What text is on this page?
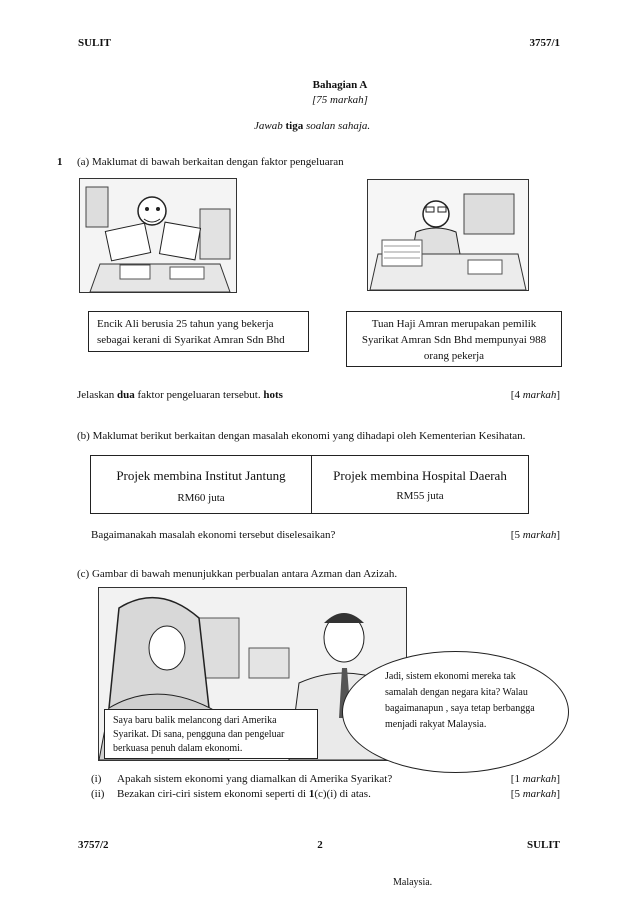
SULIT	3757/1
Bahagian A
[75 markah]
Jawab tiga soalan sahaja.
1 (a) Maklumat di bawah berkaitan dengan faktor pengeluaran
Encik Ali berusia 25 tahun yang bekerja sebagai kerani di Syarikat Amran Sdn Bhd
Tuan Haji Amran merupakan pemilik Syarikat Amran Sdn Bhd mempunyai 988 orang pekerja
Jelaskan dua faktor pengeluaran tersebut. hots	[4 markah]
(b) Maklumat berikut berkaitan dengan masalah ekonomi yang dihadapi oleh Kementerian Kesihatan.
Projek membina Institut Jantung
RM60 juta
Projek membina Hospital Daerah
RM55 juta
Bagaimanakah masalah ekonomi tersebut diselesaikan?	[5 markah]
(c) Gambar di bawah menunjukkan perbualan antara Azman dan Azizah.
Saya baru balik melancong dari Amerika Syarikat. Di sana, pengguna dan pengeluar berkuasa penuh dalam ekonomi.
Jadi, sistem ekonomi mereka tak samalah dengan negara kita? Walau bagaimanapun , saya tetap berbangga menjadi rakyat Malaysia.
(i) Apakah sistem ekonomi yang diamalkan di Amerika Syarikat?	[1 markah]
(ii) Bezakan ciri-ciri sistem ekonomi seperti di 1(c)(i) di atas.	[5 markah]
3757/2	2	SULIT
Malaysia.
